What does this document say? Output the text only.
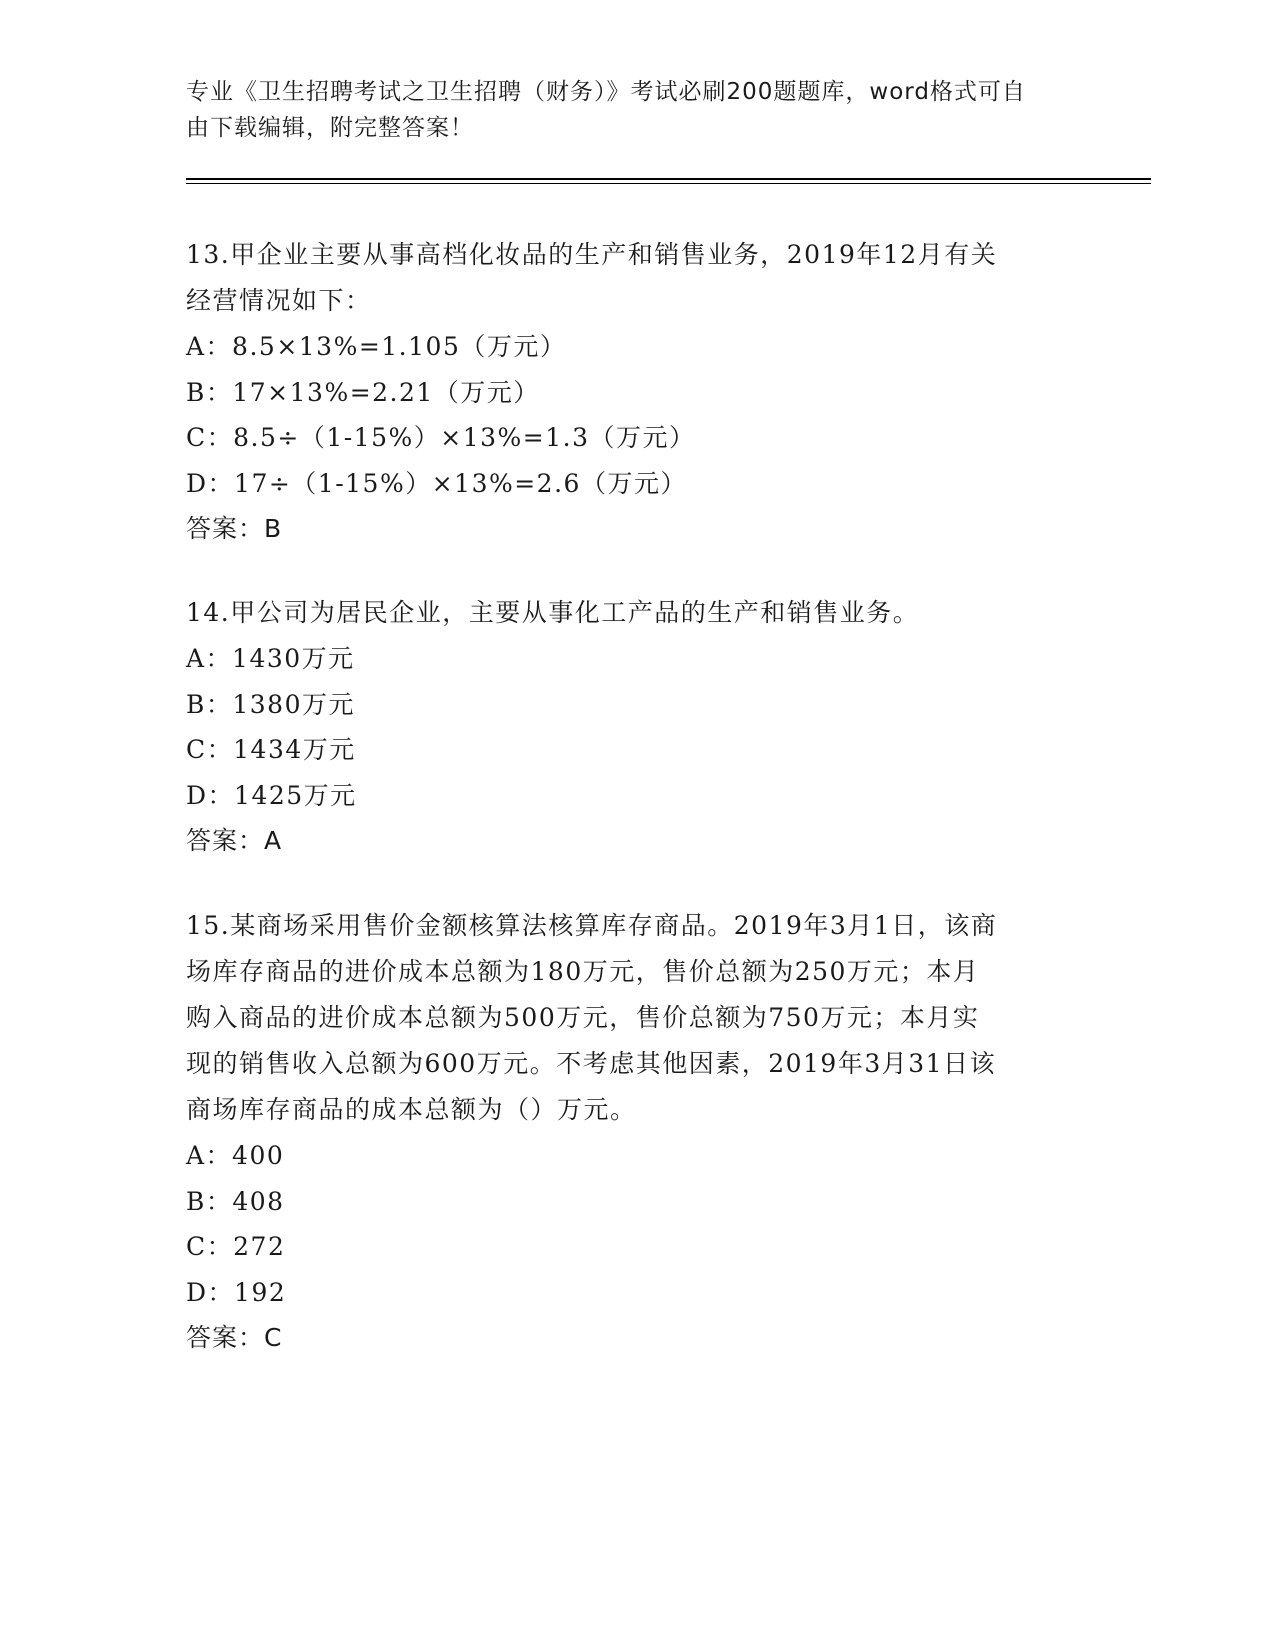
专业《卫生招聘考试之卫生招聘（财务）》考试必刷200题题库，word格式可自
由下载编辑，附完整答案！

13.甲企业主要从事高档化妆品的生产和销售业务，2019年12月有关

经营情况如下：

A：8.5×13%=1.105（万元）

B：17×13%=2.21（万元）

C：8.5÷（1-15%）×13%=1.3（万元）

D：17÷（1-15%）×13%=2.6（万元）

答案：B

14.甲公司为居民企业，主要从事化工产品的生产和销售业务。

A：1430万元

B：1380万元

C：1434万元

D：1425万元

答案：A

15.某商场采用售价金额核算法核算库存商品。2019年3月1日，该商

场库存商品的进价成本总额为180万元，售价总额为250万元；本月

购入商品的进价成本总额为500万元，售价总额为750万元；本月实

现的销售收入总额为600万元。不考虑其他因素，2019年3月31日该

商场库存商品的成本总额为（）万元。

A：400

B：408

C：272

D：192

答案：C
